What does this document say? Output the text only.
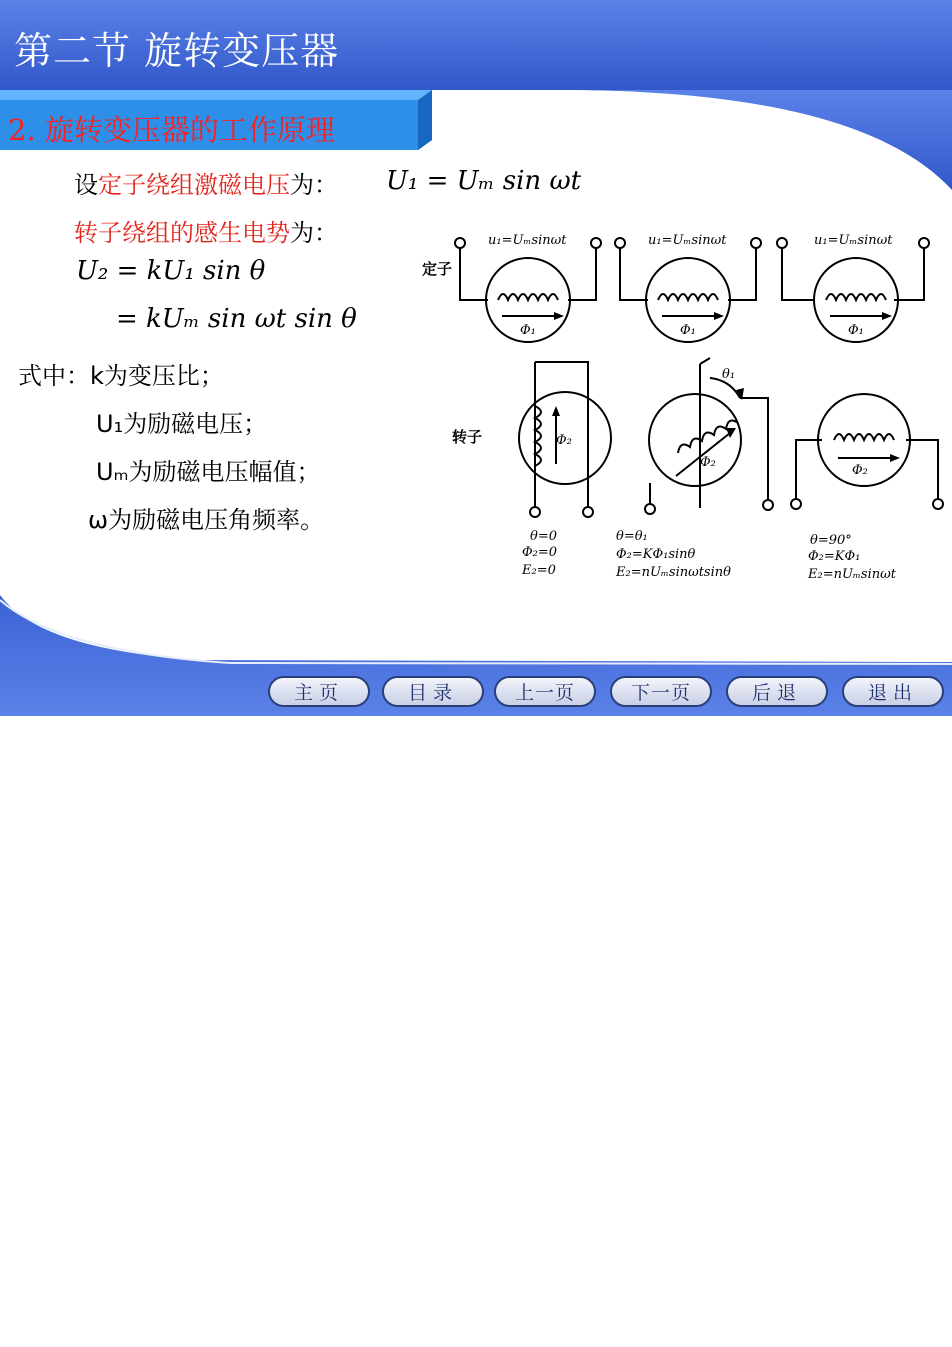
第二节 旋转变压器
2. 旋转变压器的工作原理
设定子绕组激磁电压为： U₁ = Uₘ sin ωt
转子绕组的感生电势为：
U₂ = kU₁ sin θ
= kUₘ sin ωt sin θ
式中：k为变压比；
U₁为励磁电压；
Uₘ为励磁电压幅值；
ω为励磁电压角频率。
u₁=Uₘsinωt	u₁=Uₘsinωt	u₁=Uₘsinωt
定子
转子
Φ₁	Φ₁	Φ₁
Φ₂
Φ₂
Φ₂
θ₁
θ=0
Φ₂=0
E₂=0
θ=θ₁
Φ₂=KΦ₁sinθ
E₂=nUₘsinωtsinθ
θ=90°
Φ₂=KΦ₁
E₂=nUₘsinωt
主页	目录	上一页	下一页	后退	退出
